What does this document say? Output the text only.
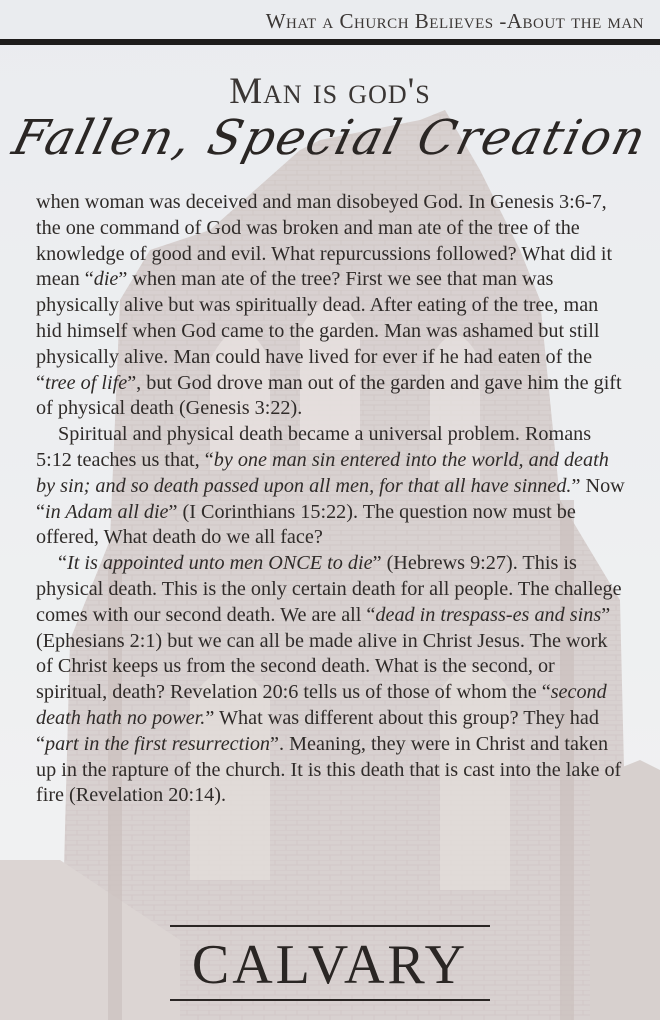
What a Church Believes -About the man
Man is god's
Fallen, Special Creation

when woman was deceived and man disobeyed God. In Genesis 3:6-7, the one command of God was broken and man ate of the tree of the knowledge of good and evil. What repurcussions followed? What did it mean “die” when man ate of the tree? First we see that man was physically alive but was spiritually dead. After eating of the tree, man hid himself when God came to the garden. Man was ashamed but still physically alive. Man could have lived for ever if he had eaten of the “tree of life”, but God drove man out of the garden and gave him the gift of physical death (Genesis 3:22).

Spiritual and physical death became a universal problem. Romans 5:12 teaches us that, “by one man sin entered into the world, and death by sin; and so death passed upon all men, for that all have sinned.” Now “in Adam all die” (I Corinthians 15:22). The question now must be offered, What death do we all face?

“It is appointed unto men ONCE to die” (Hebrews 9:27). This is physical death. This is the only certain death for all people. The challege comes with our second death. We are all “dead in trespass-es and sins” (Ephesians 2:1) but we can all be made alive in Christ Jesus. The work of Christ keeps us from the second death. What is the second, or spiritual, death? Revelation 20:6 tells us of those of whom the “second death hath no power.” What was different about this group? They had “part in the first resurrection”. Meaning, they were in Christ and taken up in the rapture of the church. It is this death that is cast into the lake of fire (Revelation 20:14).

CALVARY
